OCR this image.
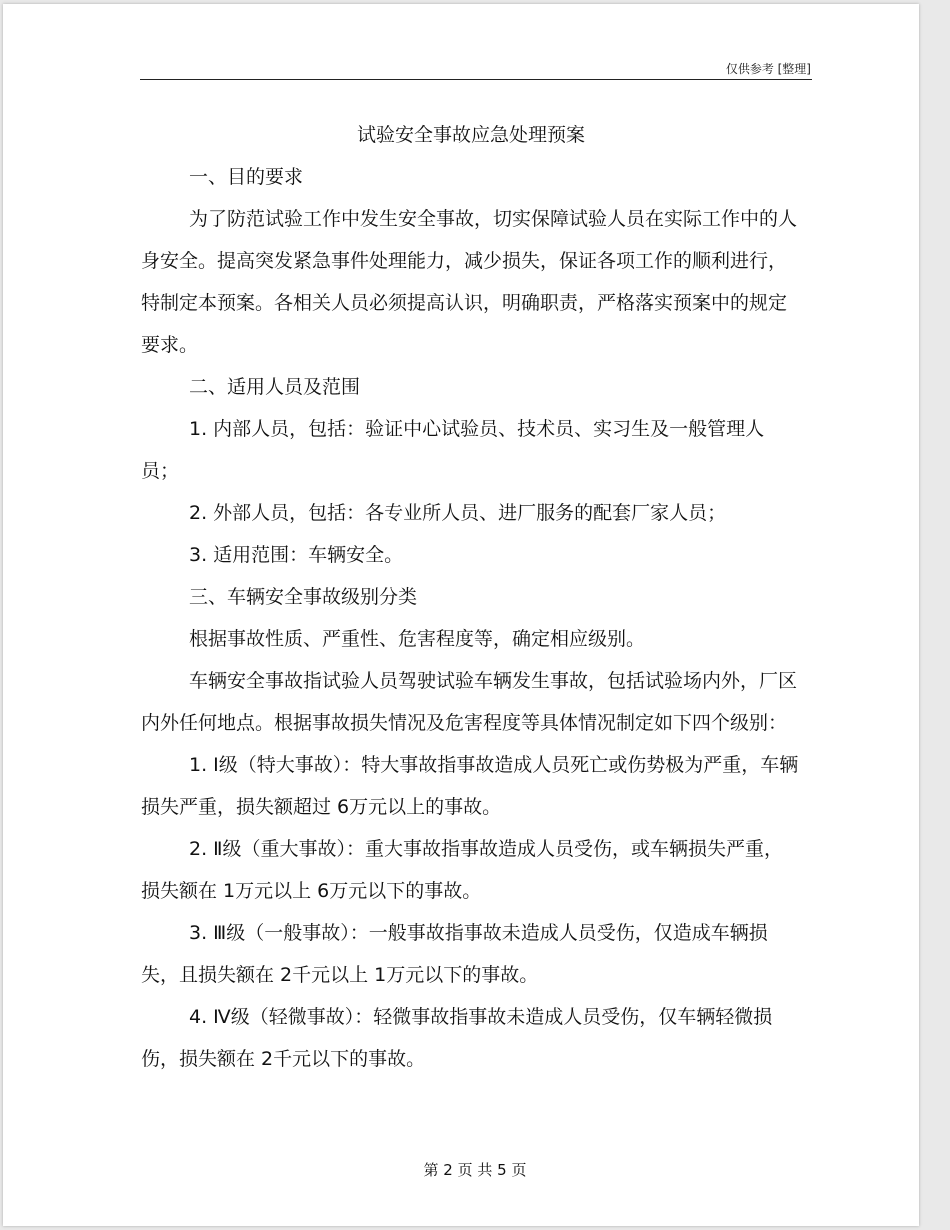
仅供参考 [整理]
试验安全事故应急处理预案

一、目的要求

为了防范试验工作中发生安全事故，切实保障试验人员在实际工作中的人身安全。提高突发紧急事件处理能力，减少损失，保证各项工作的顺利进行，特制定本预案。各相关人员必须提高认识，明确职责，严格落实预案中的规定要求。

二、适用人员及范围

1. 内部人员，包括：验证中心试验员、技术员、实习生及一般管理人员；

2. 外部人员，包括：各专业所人员、进厂服务的配套厂家人员；

3. 适用范围：车辆安全。

三、车辆安全事故级别分类

根据事故性质、严重性、危害程度等，确定相应级别。

车辆安全事故指试验人员驾驶试验车辆发生事故，包括试验场内外，厂区内外任何地点。根据事故损失情况及危害程度等具体情况制定如下四个级别：

1. Ⅰ级（特大事故）：特大事故指事故造成人员死亡或伤势极为严重，车辆损失严重，损失额超过 6万元以上的事故。

2. Ⅱ级（重大事故）：重大事故指事故造成人员受伤，或车辆损失严重，损失额在 1万元以上 6万元以下的事故。

3. Ⅲ级（一般事故）：一般事故指事故未造成人员受伤，仅造成车辆损失，且损失额在 2千元以上 1万元以下的事故。

4. Ⅳ级（轻微事故）：轻微事故指事故未造成人员受伤，仅车辆轻微损伤，损失额在 2千元以下的事故。

第 2 页 共 5 页
